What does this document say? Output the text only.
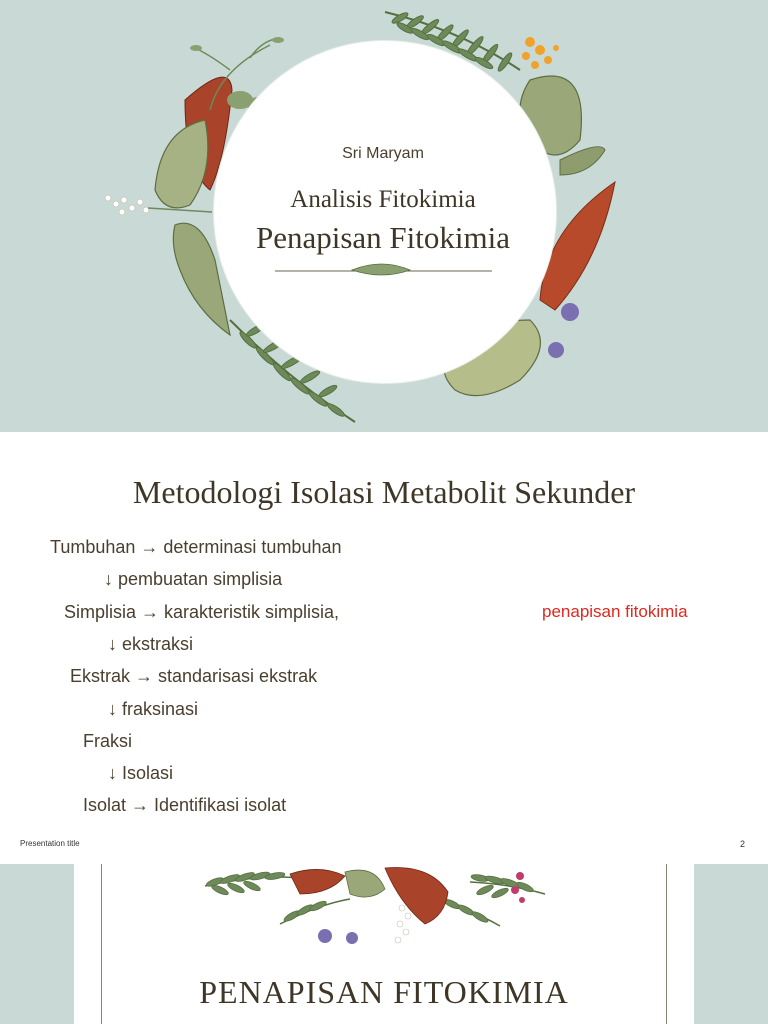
Sri Maryam
Analisis Fitokimia
Penapisan Fitokimia
Metodologi Isolasi Metabolit Sekunder
Tumbuhan → determinasi tumbuhan
↓ pembuatan simplisia
Simplisia → karakteristik simplisia,
↓ ekstraksi
Ekstrak → standarisasi ekstrak
↓ fraksinasi
Fraksi
↓ Isolasi
Isolat → Identifikasi isolat
penapisan fitokimia
Presentation title	2
PENAPISAN FITOKIMIA
